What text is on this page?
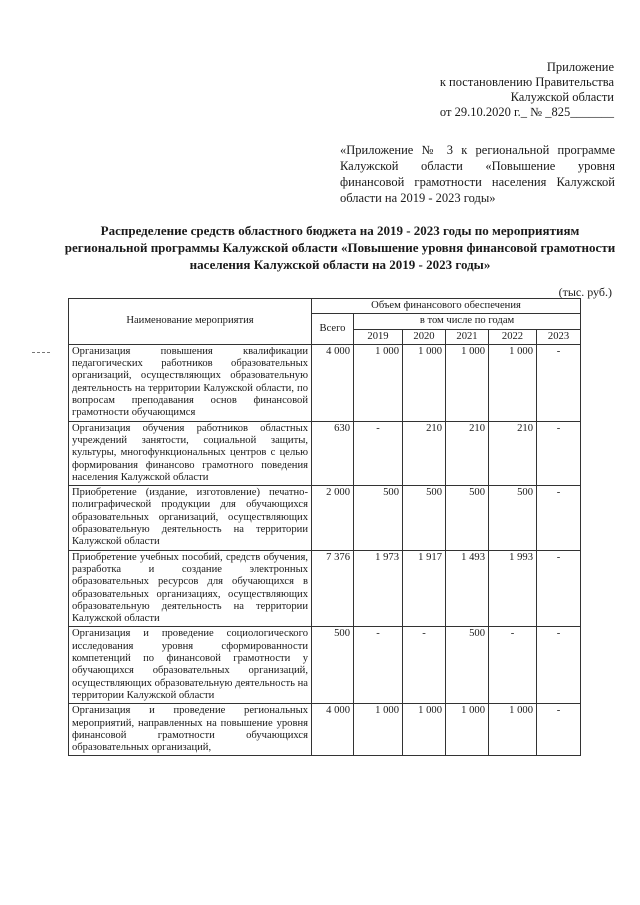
Приложение
к постановлению Правительства
Калужской области
от 29.10.2020 г._ № _825_______
«Приложение № 3 к региональной программе Калужской области «Повышение уровня финансовой грамотности населения Калужской области на 2019 - 2023 годы»
Распределение средств областного бюджета на 2019 - 2023 годы по мероприятиям региональной программы Калужской области «Повышение уровня финансовой грамотности населения Калужской области на 2019 - 2023 годы»
(тыс. руб.)
Наименование мероприятия	Объем финансового обеспечения					
	Всего	в том числе по годам				
		2019	2020	2021	2022	2023
Организация повышения квалификации педагогических работников образовательных организаций, осуществляющих образовательную деятельность на территории Калужской области, по вопросам преподавания основ финансовой грамотности обучающимся	4 000	1 000	1 000	1 000	1 000	-
Организация обучения работников областных учреждений занятости, социальной защиты, культуры, многофункциональных центров с целью формирования финансово грамотного поведения населения Калужской области	630	-	210	210	210	-
Приобретение (издание, изготовление) печатно-полиграфической продукции для обучающихся образовательных организаций, осуществляющих образовательную деятельность на территории Калужской области	2 000	500	500	500	500	-
Приобретение учебных пособий, средств обучения, разработка и создание электронных образовательных ресурсов для обучающихся в образовательных организациях, осуществляющих образовательную деятельность на территории Калужской области	7 376	1 973	1 917	1 493	1 993	-
Организация и проведение социологического исследования уровня сформированности компетенций по финансовой грамотности у обучающихся образовательных организаций, осуществляющих образовательную деятельность на территории Калужской области	500	-	-	500	-	-
Организация и проведение региональных мероприятий, направленных на повышение уровня финансовой грамотности обучающихся образовательных организаций,	4 000	1 000	1 000	1 000	1 000	-
